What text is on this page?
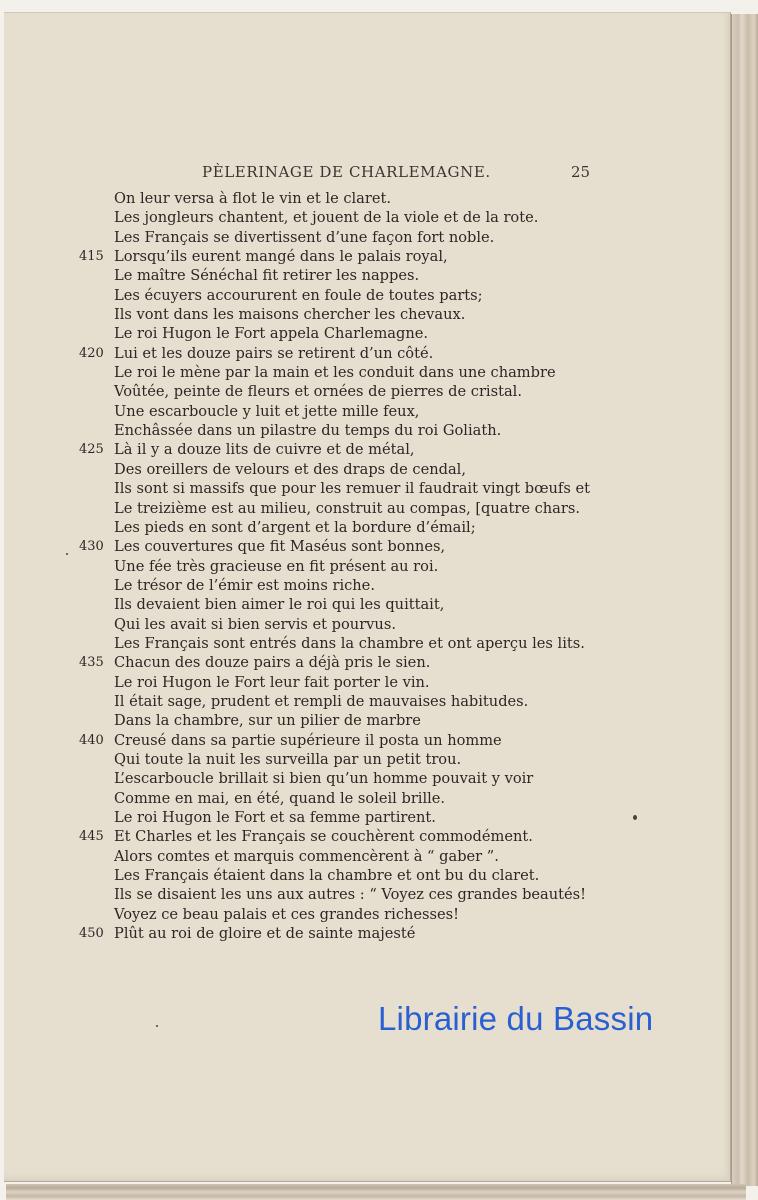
PÈLERINAGE DE CHARLEMAGNE.	25
On leur versa à flot le vin et le claret.
Les jongleurs chantent, et jouent de la viole et de la rote.
Les Français se divertissent d’une façon fort noble.
415 Lorsqu’ils eurent mangé dans le palais royal,
Le maître Sénéchal fit retirer les nappes.
Les écuyers accoururent en foule de toutes parts;
Ils vont dans les maisons chercher les chevaux.
Le roi Hugon le Fort appela Charlemagne.
420 Lui et les douze pairs se retirent d’un côté.
Le roi le mène par la main et les conduit dans une chambre
Voûtée, peinte de fleurs et ornées de pierres de cristal.
Une escarboucle y luit et jette mille feux,
Enchâssée dans un pilastre du temps du roi Goliath.
425 Là il y a douze lits de cuivre et de métal,
Des oreillers de velours et des draps de cendal,
Ils sont si massifs que pour les remuer il faudrait vingt bœufs et
Le treizième est au milieu, construit au compas, [quatre chars.
Les pieds en sont d’argent et la bordure d’émail;
430 Les couvertures que fit Maséus sont bonnes,
Une fée très gracieuse en fit présent au roi.
Le trésor de l’émir est moins riche.
Ils devaient bien aimer le roi qui les quittait,
Qui les avait si bien servis et pourvus.
Les Français sont entrés dans la chambre et ont aperçu les lits.
435 Chacun des douze pairs a déjà pris le sien.
Le roi Hugon le Fort leur fait porter le vin.
Il était sage, prudent et rempli de mauvaises habitudes.
Dans la chambre, sur un pilier de marbre
440 Creusé dans sa partie supérieure il posta un homme
Qui toute la nuit les surveilla par un petit trou.
L’escarboucle brillait si bien qu’un homme pouvait y voir
Comme en mai, en été, quand le soleil brille.
Le roi Hugon le Fort et sa femme partirent.
445 Et Charles et les Français se couchèrent commodément.
Alors comtes et marquis commencèrent à “ gaber ”.
Les Français étaient dans la chambre et ont bu du claret.
Ils se disaient les uns aux autres : “ Voyez ces grandes beautés!
Voyez ce beau palais et ces grandes richesses!
450 Plût au roi de gloire et de sainte majesté
Librairie du Bassin
